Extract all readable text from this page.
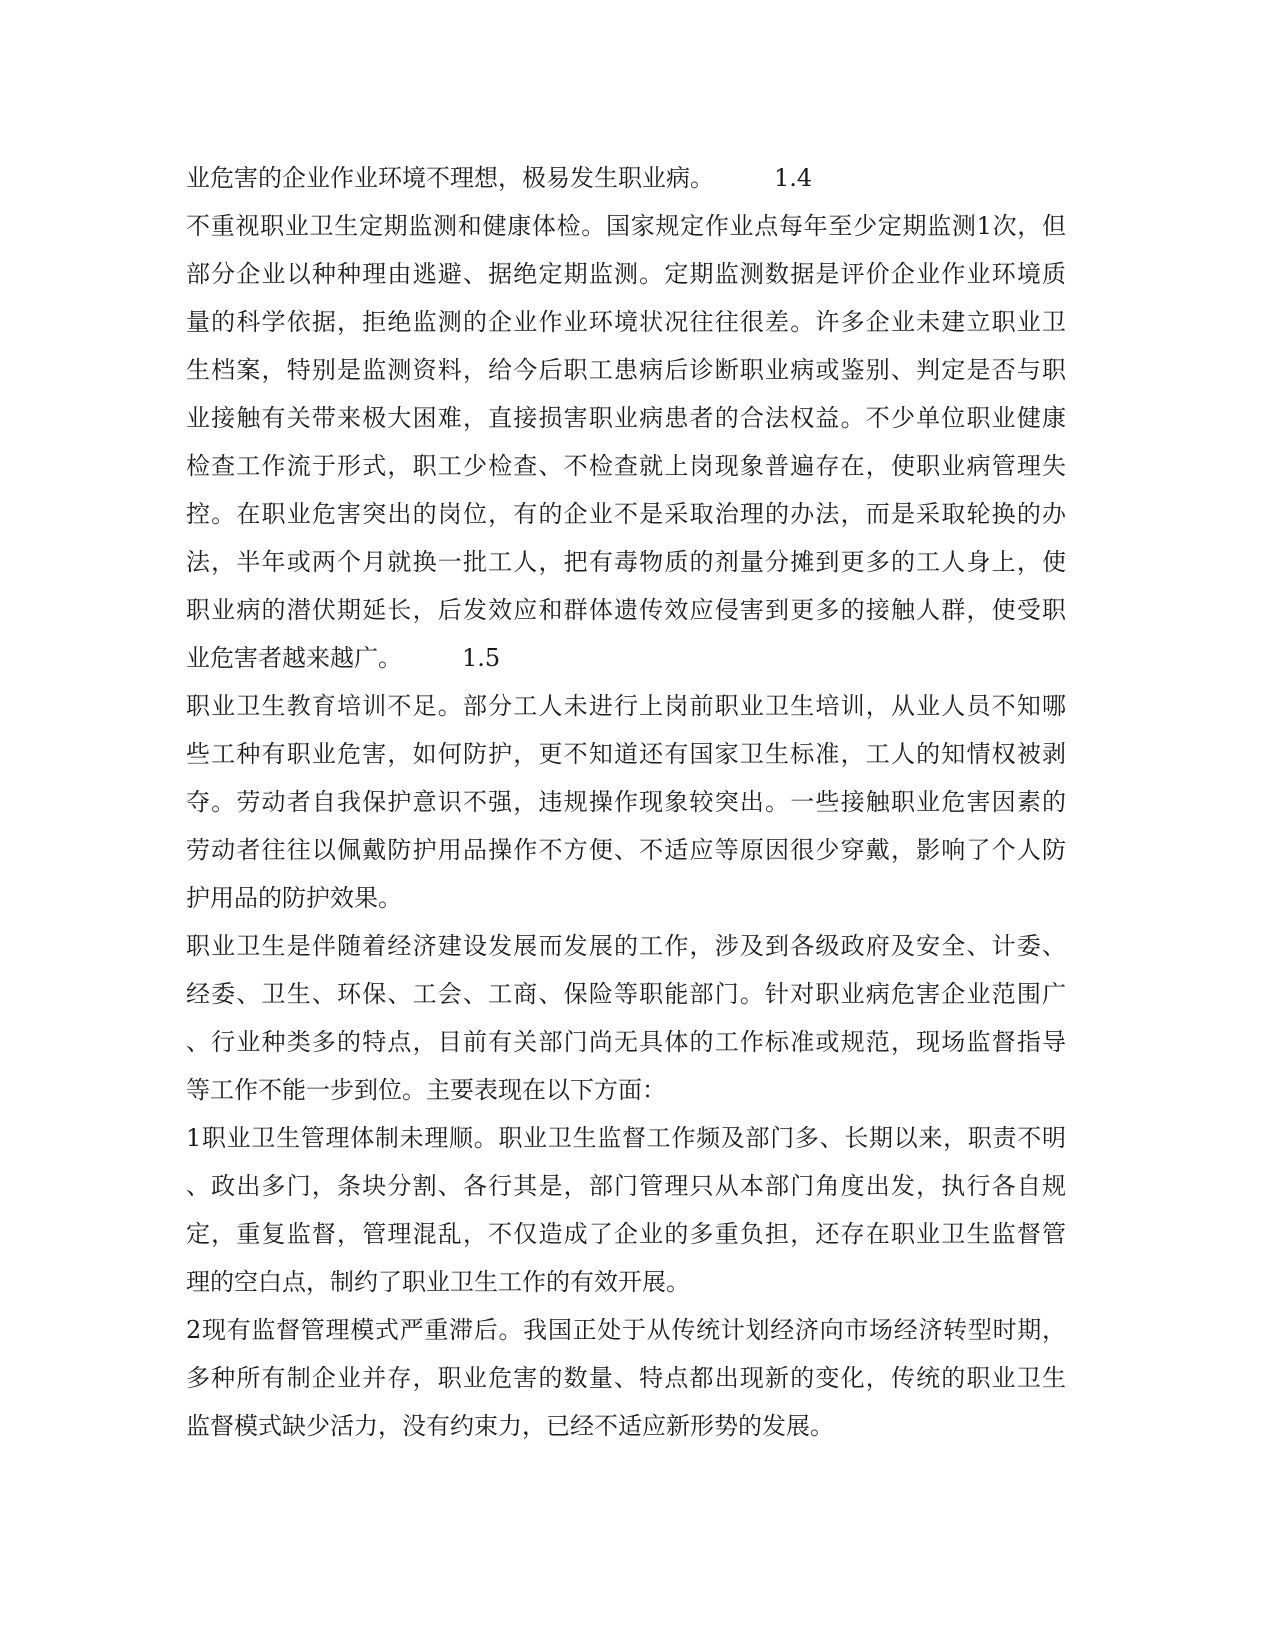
业危害的企业作业环境不理想，极易发生职业病。　　　1.4
不重视职业卫生定期监测和健康体检。国家规定作业点每年至少定期监测1次，但
部分企业以种种理由逃避、据绝定期监测。定期监测数据是评价企业作业环境质
量的科学依据，拒绝监测的企业作业环境状况往往很差。许多企业未建立职业卫
生档案，特别是监测资料，给今后职工患病后诊断职业病或鉴别、判定是否与职
业接触有关带来极大困难，直接损害职业病患者的合法权益。不少单位职业健康
检查工作流于形式，职工少检查、不检查就上岗现象普遍存在，使职业病管理失
控。在职业危害突出的岗位，有的企业不是采取治理的办法，而是采取轮换的办
法，半年或两个月就换一批工人，把有毒物质的剂量分摊到更多的工人身上，使
职业病的潜伏期延长，后发效应和群体遗传效应侵害到更多的接触人群，使受职
业危害者越来越广。　　　1.5
职业卫生教育培训不足。部分工人未进行上岗前职业卫生培训，从业人员不知哪
些工种有职业危害，如何防护，更不知道还有国家卫生标准，工人的知情权被剥
夺。劳动者自我保护意识不强，违规操作现象较突出。一些接触职业危害因素的
劳动者往往以佩戴防护用品操作不方便、不适应等原因很少穿戴，影响了个人防
护用品的防护效果。
职业卫生是伴随着经济建设发展而发展的工作，涉及到各级政府及安全、计委、
经委、卫生、环保、工会、工商、保险等职能部门。针对职业病危害企业范围广
、行业种类多的特点，目前有关部门尚无具体的工作标准或规范，现场监督指导
等工作不能一步到位。主要表现在以下方面：
1职业卫生管理体制未理顺。职业卫生监督工作频及部门多、长期以来，职责不明
、政出多门，条块分割、各行其是，部门管理只从本部门角度出发，执行各自规
定，重复监督，管理混乱，不仅造成了企业的多重负担，还存在职业卫生监督管
理的空白点，制约了职业卫生工作的有效开展。
2现有监督管理模式严重滞后。我国正处于从传统计划经济向市场经济转型时期，
多种所有制企业并存，职业危害的数量、特点都出现新的变化，传统的职业卫生
监督模式缺少活力，没有约束力，已经不适应新形势的发展。
